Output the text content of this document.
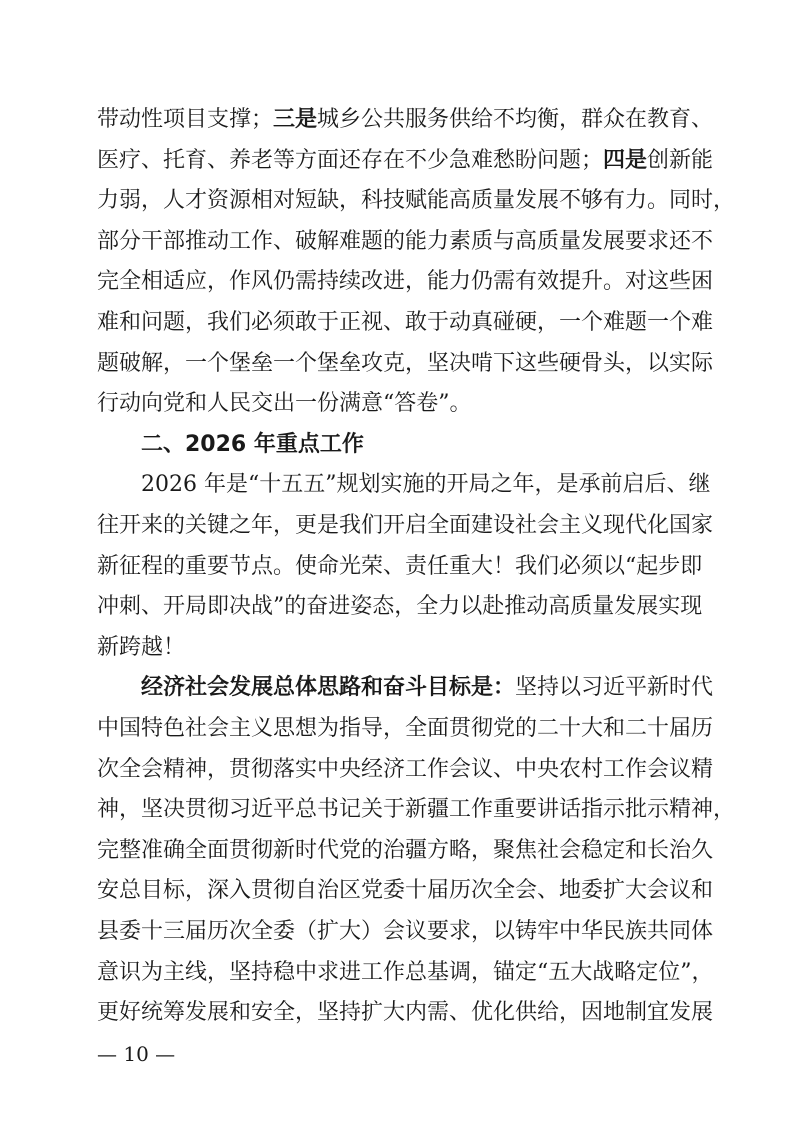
带动性项目支撑；三是城乡公共服务供给不均衡，群众在教育、
医疗、托育、养老等方面还存在不少急难愁盼问题；四是创新能
力弱，人才资源相对短缺，科技赋能高质量发展不够有力。同时，
部分干部推动工作、破解难题的能力素质与高质量发展要求还不
完全相适应，作风仍需持续改进，能力仍需有效提升。对这些困
难和问题，我们必须敢于正视、敢于动真碰硬，一个难题一个难
题破解，一个堡垒一个堡垒攻克，坚决啃下这些硬骨头，以实际
行动向党和人民交出一份满意“答卷”。
二、2026 年重点工作
2026 年是“十五五”规划实施的开局之年，是承前启后、继
往开来的关键之年，更是我们开启全面建设社会主义现代化国家
新征程的重要节点。使命光荣、责任重大！我们必须以“起步即
冲刺、开局即决战”的奋进姿态，全力以赴推动高质量发展实现
新跨越！
经济社会发展总体思路和奋斗目标是：坚持以习近平新时代
中国特色社会主义思想为指导，全面贯彻党的二十大和二十届历
次全会精神，贯彻落实中央经济工作会议、中央农村工作会议精
神，坚决贯彻习近平总书记关于新疆工作重要讲话指示批示精神，
完整准确全面贯彻新时代党的治疆方略，聚焦社会稳定和长治久
安总目标，深入贯彻自治区党委十届历次全会、地委扩大会议和
县委十三届历次全委（扩大）会议要求，以铸牢中华民族共同体
意识为主线，坚持稳中求进工作总基调，锚定“五大战略定位”，
更好统筹发展和安全，坚持扩大内需、优化供给，因地制宜发展
— 10 —
